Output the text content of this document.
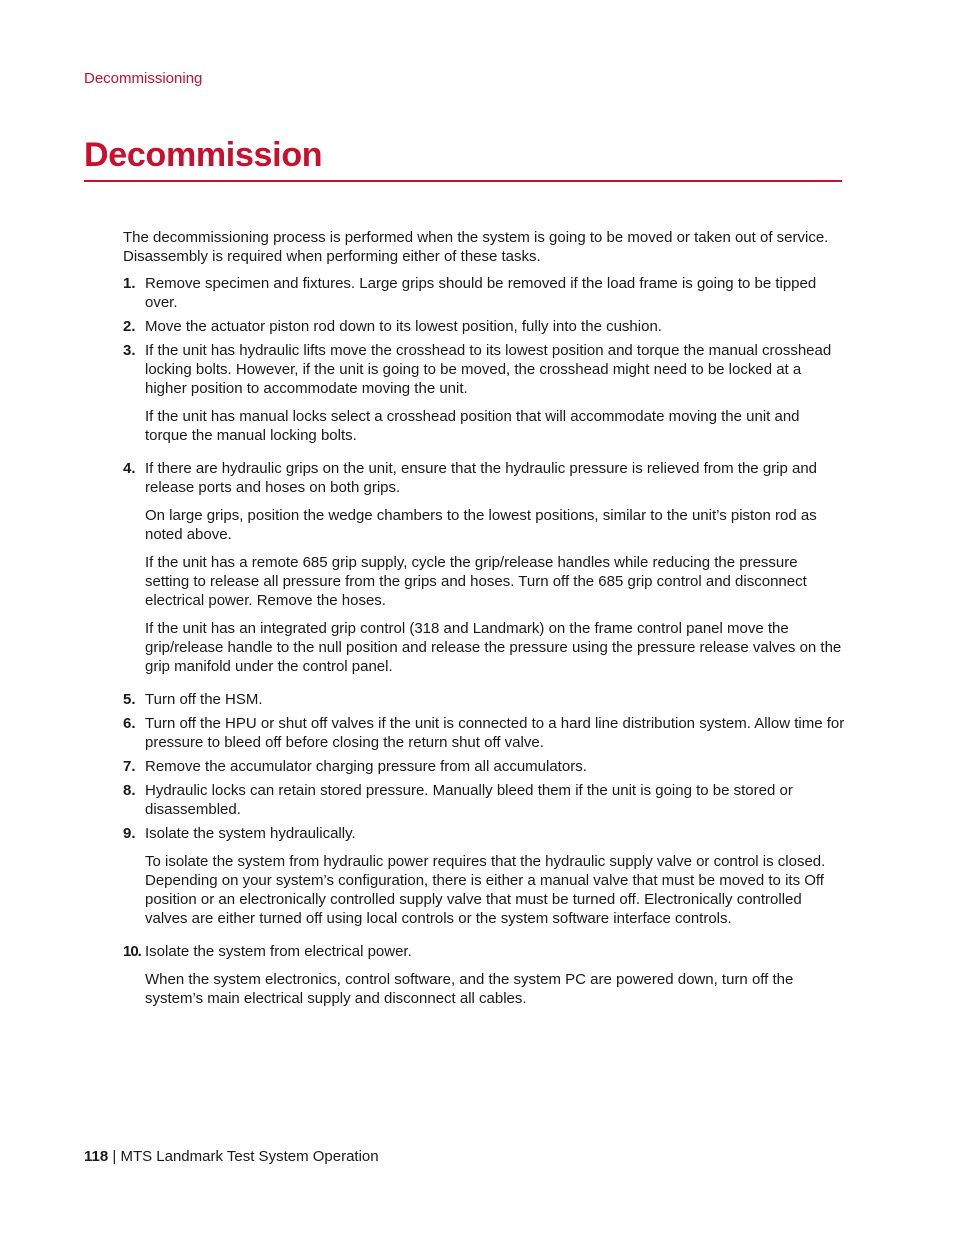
Decommissioning
Decommission

The decommissioning process is performed when the system is going to be moved or taken out of service. Disassembly is required when performing either of these tasks.

1. Remove specimen and fixtures. Large grips should be removed if the load frame is going to be tipped over.

2. Move the actuator piston rod down to its lowest position, fully into the cushion.

3. If the unit has hydraulic lifts move the crosshead to its lowest position and torque the manual crosshead locking bolts. However, if the unit is going to be moved, the crosshead might need to be locked at a higher position to accommodate moving the unit.

If the unit has manual locks select a crosshead position that will accommodate moving the unit and torque the manual locking bolts.

4. If there are hydraulic grips on the unit, ensure that the hydraulic pressure is relieved from the grip and release ports and hoses on both grips.

On large grips, position the wedge chambers to the lowest positions, similar to the unit’s piston rod as noted above.

If the unit has a remote 685 grip supply, cycle the grip/release handles while reducing the pressure setting to release all pressure from the grips and hoses. Turn off the 685 grip control and disconnect electrical power. Remove the hoses.

If the unit has an integrated grip control (318 and Landmark) on the frame control panel move the grip/release handle to the null position and release the pressure using the pressure release valves on the grip manifold under the control panel.

5. Turn off the HSM.

6. Turn off the HPU or shut off valves if the unit is connected to a hard line distribution system. Allow time for pressure to bleed off before closing the return shut off valve.

7. Remove the accumulator charging pressure from all accumulators.

8. Hydraulic locks can retain stored pressure. Manually bleed them if the unit is going to be stored or disassembled.

9. Isolate the system hydraulically.

To isolate the system from hydraulic power requires that the hydraulic supply valve or control is closed. Depending on your system’s configuration, there is either a manual valve that must be moved to its Off position or an electronically controlled supply valve that must be turned off. Electronically controlled valves are either turned off using local controls or the system software interface controls.

10. Isolate the system from electrical power.

When the system electronics, control software, and the system PC are powered down, turn off the system’s main electrical supply and disconnect all cables.

118 | MTS Landmark Test System Operation
